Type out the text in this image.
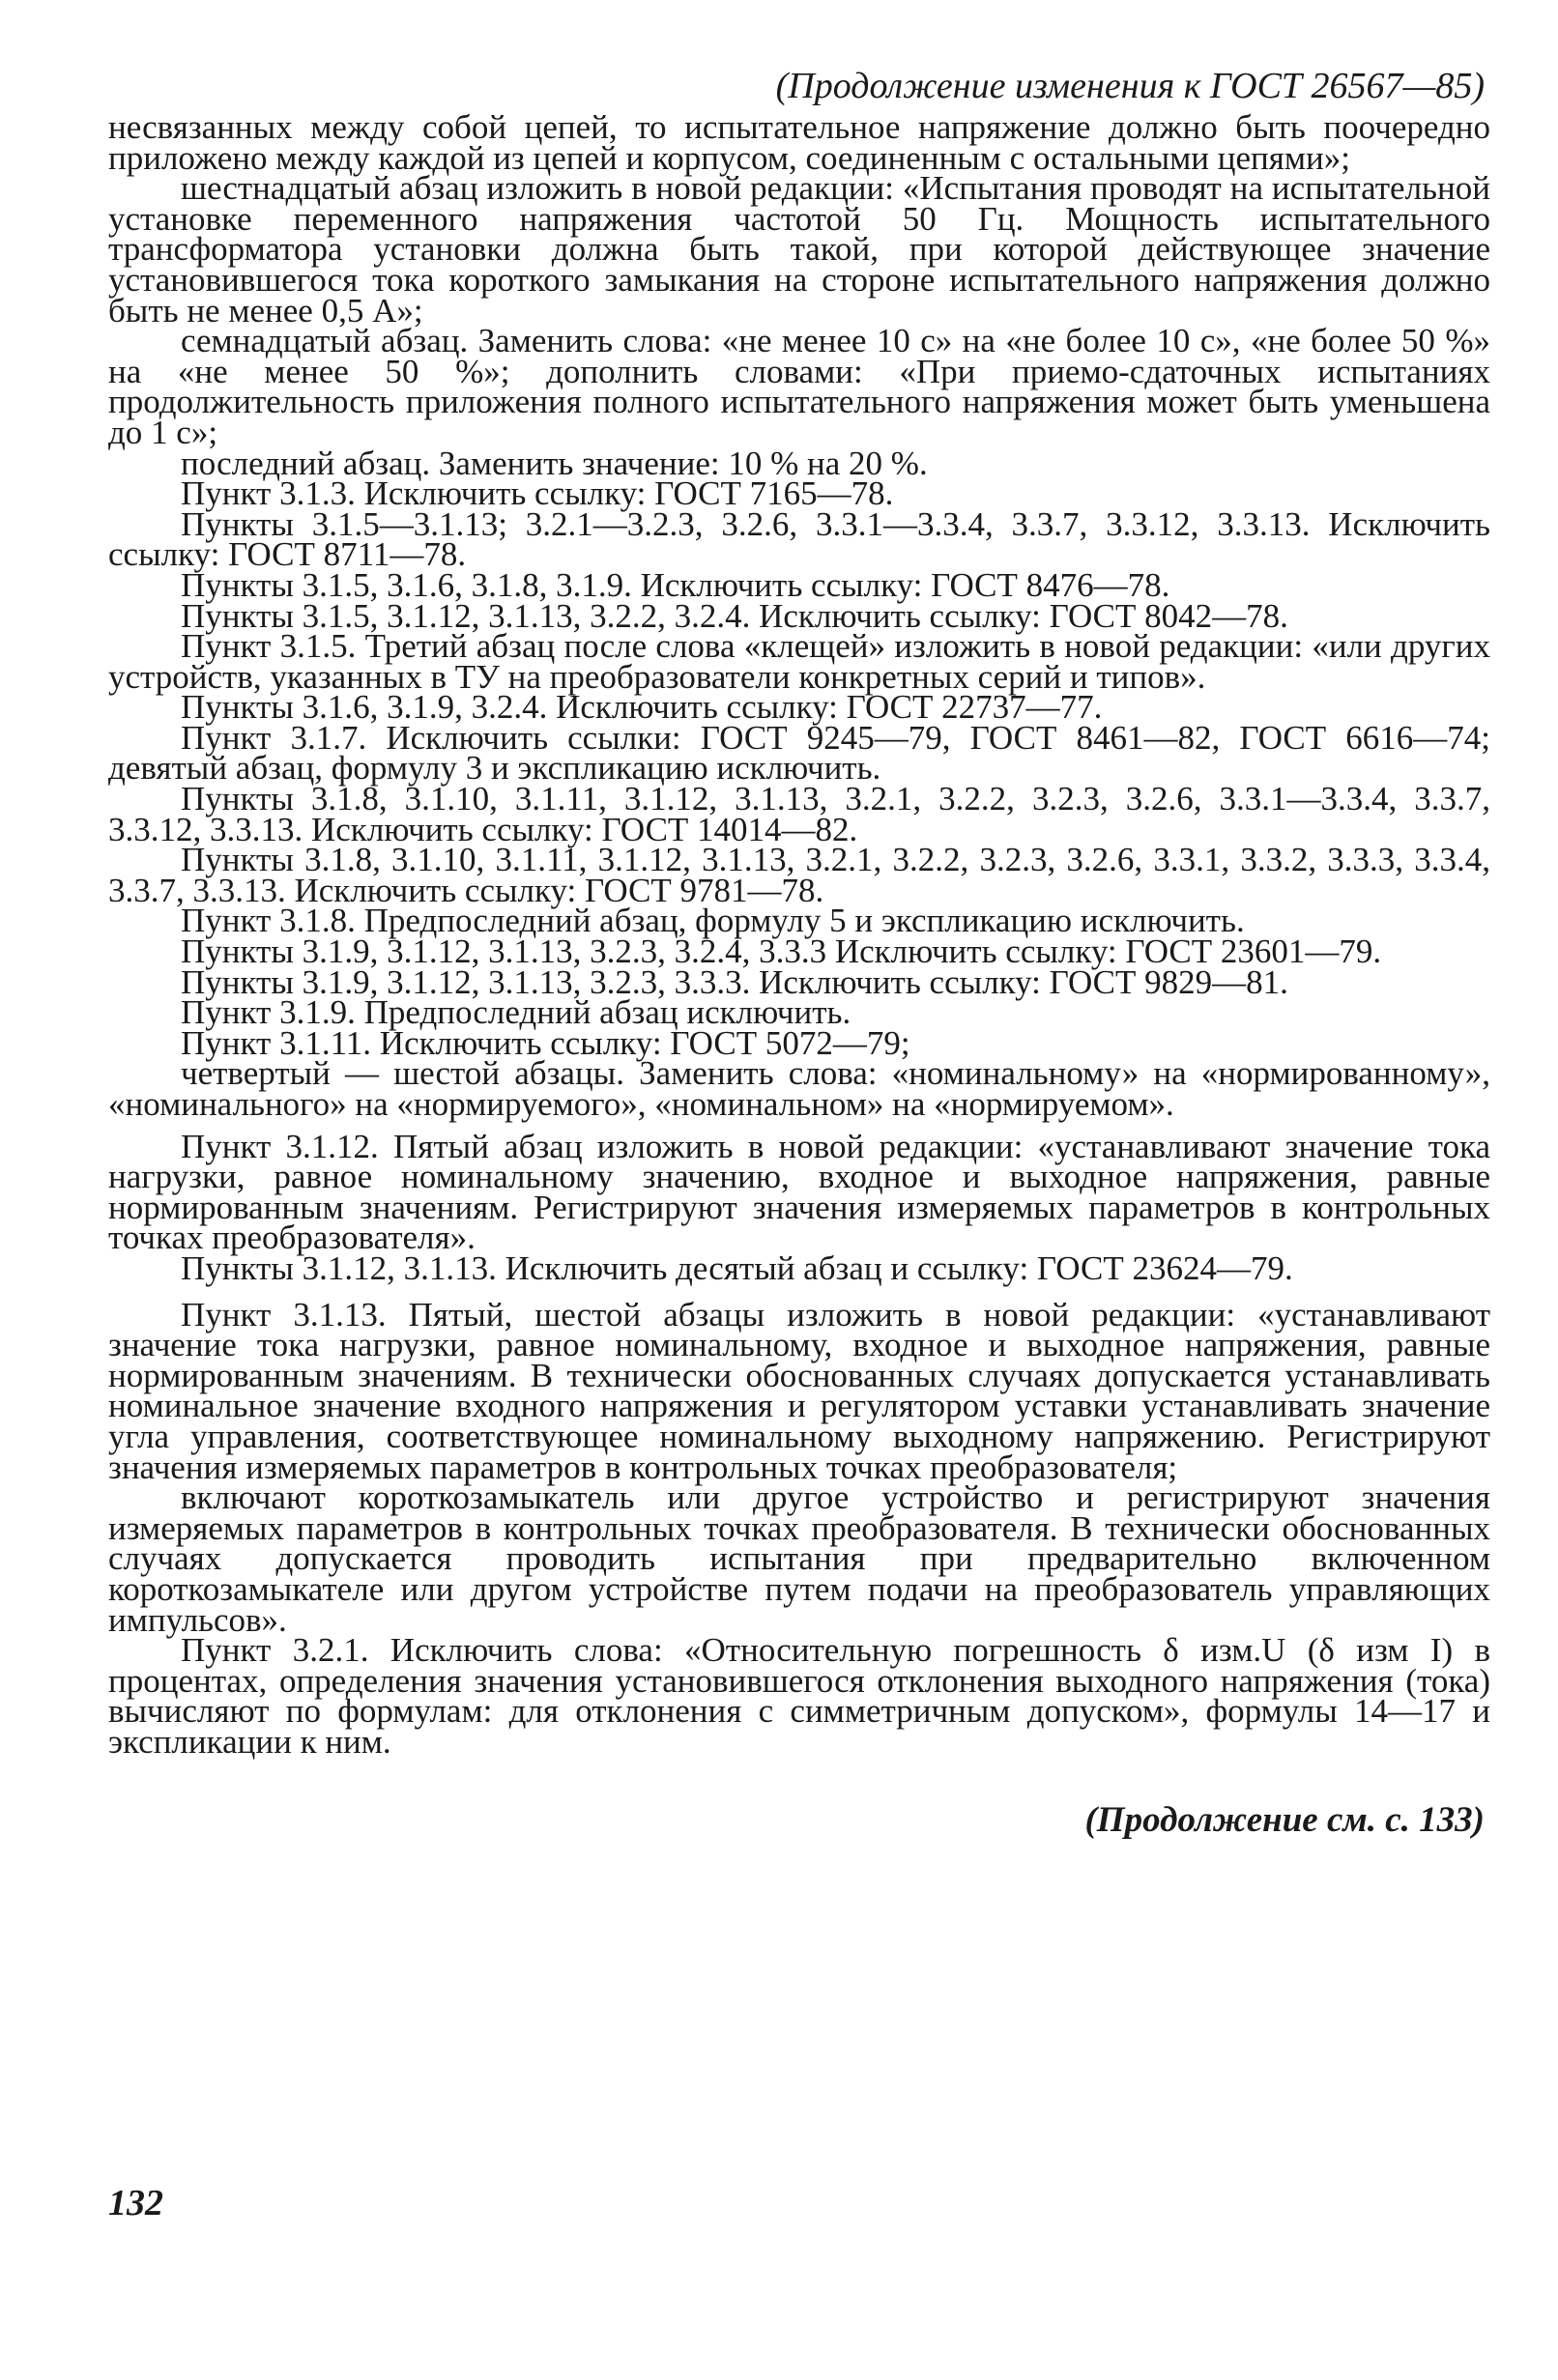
(Продолжение изменения к ГОСТ 26567—85)

несвязанных между собой цепей, то испытательное напряжение должно быть поочередно приложено между каждой из цепей и корпусом, соединенным с остальными цепями»;

шестнадцатый абзац изложить в новой редакции: «Испытания проводят на испытательной установке переменного напряжения частотой 50 Гц. Мощность испытательного трансформатора установки должна быть такой, при которой действующее значение установившегося тока короткого замыкания на стороне испытательного напряжения должно быть не менее 0,5 А»;

семнадцатый абзац. Заменить слова: «не менее 10 с» на «не более 10 с», «не более 50 %» на «не менее 50 %»; дополнить словами: «При приемо-сдаточных испытаниях продолжительность приложения полного испытательного напряжения может быть уменьшена до 1 с»;

последний абзац. Заменить значение: 10 % на 20 %.

Пункт 3.1.3. Исключить ссылку: ГОСТ 7165—78.

Пункты 3.1.5—3.1.13; 3.2.1—3.2.3, 3.2.6, 3.3.1—3.3.4, 3.3.7, 3.3.12, 3.3.13. Исключить ссылку: ГОСТ 8711—78.

Пункты 3.1.5, 3.1.6, 3.1.8, 3.1.9. Исключить ссылку: ГОСТ 8476—78.

Пункты 3.1.5, 3.1.12, 3.1.13, 3.2.2, 3.2.4. Исключить ссылку: ГОСТ 8042—78.

Пункт 3.1.5. Третий абзац после слова «клещей» изложить в новой редакции: «или других устройств, указанных в ТУ на преобразователи конкретных серий и типов».

Пункты 3.1.6, 3.1.9, 3.2.4. Исключить ссылку: ГОСТ 22737—77.

Пункт 3.1.7. Исключить ссылки: ГОСТ 9245—79, ГОСТ 8461—82, ГОСТ 6616—74; девятый абзац, формулу 3 и экспликацию исключить.

Пункты 3.1.8, 3.1.10, 3.1.11, 3.1.12, 3.1.13, 3.2.1, 3.2.2, 3.2.3, 3.2.6, 3.3.1—3.3.4, 3.3.7, 3.3.12, 3.3.13. Исключить ссылку: ГОСТ 14014—82.

Пункты 3.1.8, 3.1.10, 3.1.11, 3.1.12, 3.1.13, 3.2.1, 3.2.2, 3.2.3, 3.2.6, 3.3.1, 3.3.2, 3.3.3, 3.3.4, 3.3.7, 3.3.13. Исключить ссылку: ГОСТ 9781—78.

Пункт 3.1.8. Предпоследний абзац, формулу 5 и экспликацию исключить.

Пункты 3.1.9, 3.1.12, 3.1.13, 3.2.3, 3.2.4, 3.3.3 Исключить ссылку: ГОСТ 23601—79.

Пункты 3.1.9, 3.1.12, 3.1.13, 3.2.3, 3.3.3. Исключить ссылку: ГОСТ 9829—81.

Пункт 3.1.9. Предпоследний абзац исключить.

Пункт 3.1.11. Исключить ссылку: ГОСТ 5072—79;

четвертый — шестой абзацы. Заменить слова: «номинальному» на «нормированному», «номинального» на «нормируемого», «номинальном» на «нормируемом».

Пункт 3.1.12. Пятый абзац изложить в новой редакции: «устанавливают значение тока нагрузки, равное номинальному значению, входное и выходное напряжения, равные нормированным значениям. Регистрируют значения измеряемых параметров в контрольных точках преобразователя».

Пункты 3.1.12, 3.1.13. Исключить десятый абзац и ссылку: ГОСТ 23624—79.

Пункт 3.1.13. Пятый, шестой абзацы изложить в новой редакции: «устанавливают значение тока нагрузки, равное номинальному, входное и выходное напряжения, равные нормированным значениям. В технически обоснованных случаях допускается устанавливать номинальное значение входного напряжения и регулятором уставки устанавливать значение угла управления, соответствующее номинальному выходному напряжению. Регистрируют значения измеряемых параметров в контрольных точках преобразователя;

включают короткозамыкатель или другое устройство и регистрируют значения измеряемых параметров в контрольных точках преобразователя. В технически обоснованных случаях допускается проводить испытания при предварительно включенном короткозамыкателе или другом устройстве путем подачи на преобразователь управляющих импульсов».

Пункт 3.2.1. Исключить слова: «Относительную погрешность δ изм.U (δ изм I) в процентах, определения значения установившегося отклонения выходного напряжения (тока) вычисляют по формулам: для отклонения с симметричным допуском», формулы 14—17 и экспликации к ним.

(Продолжение см. с. 133)
132
